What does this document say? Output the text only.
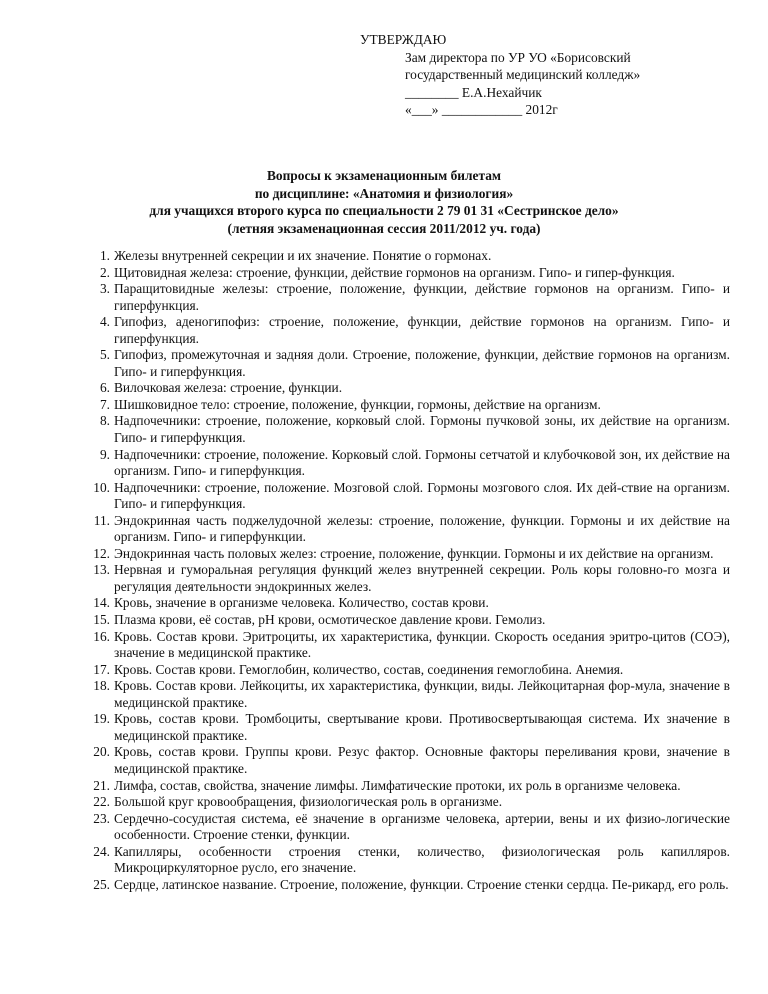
УТВЕРЖДАЮ
Зам директора по УР УО «Борисовский
государственный медицинский колледж»
________ Е.А.Нехайчик
«___» ____________ 2012г
Вопросы к экзаменационным билетам
по дисциплине: «Анатомия и физиология»
для учащихся второго курса по специальности 2 79 01 31 «Сестринское дело»
(летняя экзаменационная сессия 2011/2012 уч. года)
1. Железы внутренней секреции и их значение. Понятие о гормонах.
2. Щитовидная железа: строение, функции, действие гормонов на организм. Гипо- и гипер-функция.
3. Паращитовидные железы: строение, положение, функции, действие гормонов на организм. Гипо- и гиперфункция.
4. Гипофиз, аденогипофиз: строение, положение, функции, действие гормонов на организм. Гипо- и гиперфункция.
5. Гипофиз, промежуточная и задняя доли. Строение, положение, функции, действие гормонов на организм. Гипо- и гиперфункция.
6. Вилочковая железа: строение, функции.
7. Шишковидное тело: строение, положение, функции, гормоны, действие на организм.
8. Надпочечники: строение, положение, корковый слой. Гормоны пучковой зоны, их действие на организм. Гипо- и гиперфункция.
9. Надпочечники: строение, положение. Корковый слой. Гормоны сетчатой и клубочковой зон, их действие на организм. Гипо- и гиперфункция.
10. Надпочечники: строение, положение. Мозговой слой. Гормоны мозгового слоя. Их дей-ствие на организм. Гипо- и гиперфункция.
11. Эндокринная часть поджелудочной железы: строение, положение, функции. Гормоны и их действие на организм. Гипо- и гиперфункции.
12. Эндокринная часть половых желез: строение, положение, функции. Гормоны и их действие на организм.
13. Нервная и гуморальная регуляция функций желез внутренней секреции. Роль коры головно-го мозга и регуляция деятельности эндокринных желез.
14. Кровь, значение в организме человека. Количество, состав крови.
15. Плазма крови, её состав, pH крови, осмотическое давление крови. Гемолиз.
16. Кровь. Состав крови. Эритроциты, их характеристика, функции. Скорость оседания эритро-цитов (СОЭ), значение в медицинской практике.
17. Кровь. Состав крови. Гемоглобин, количество, состав, соединения гемоглобина. Анемия.
18. Кровь. Состав крови. Лейкоциты, их характеристика, функции, виды. Лейкоцитарная фор-мула, значение в медицинской практике.
19. Кровь, состав крови. Тромбоциты, свертывание крови. Противосвертывающая система. Их значение в медицинской практике.
20. Кровь, состав крови. Группы крови. Резус фактор. Основные факторы переливания крови, значение в медицинской практике.
21. Лимфа, состав, свойства, значение лимфы. Лимфатические протоки, их роль в организме человека.
22. Большой круг кровообращения, физиологическая роль в организме.
23. Сердечно-сосудистая система, её значение в организме человека, артерии, вены и их физио-логические особенности. Строение стенки, функции.
24. Капилляры, особенности строения стенки, количество, физиологическая роль капилляров. Микроциркуляторное русло, его значение.
25. Сердце, латинское название. Строение, положение, функции. Строение стенки сердца. Пе-рикард, его роль.
